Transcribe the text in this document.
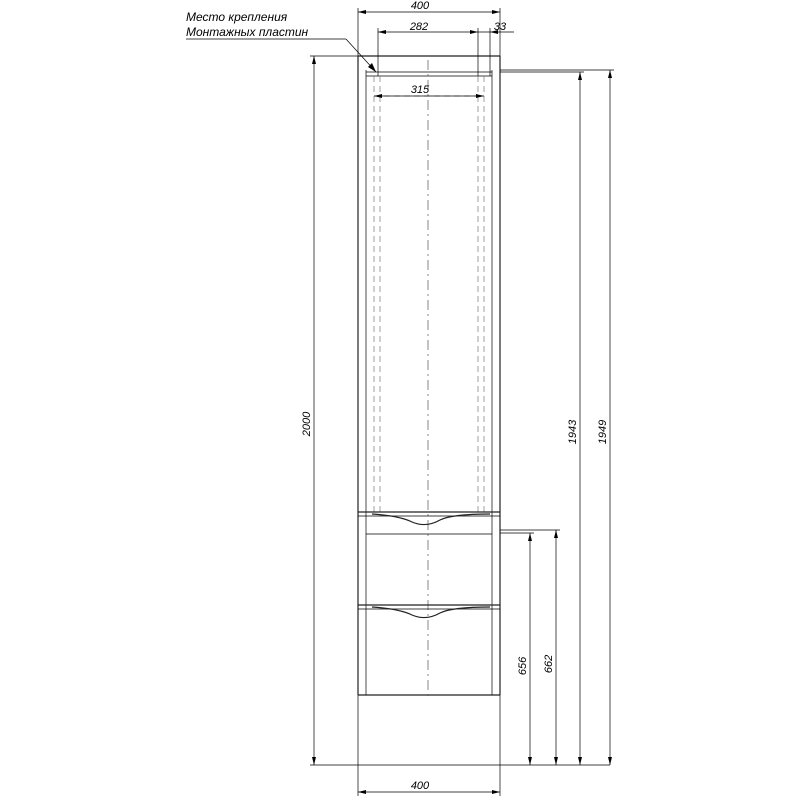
400
282	33
315
Место крепления
Монтажных пластин
2000
400
1943 1949
656 662
